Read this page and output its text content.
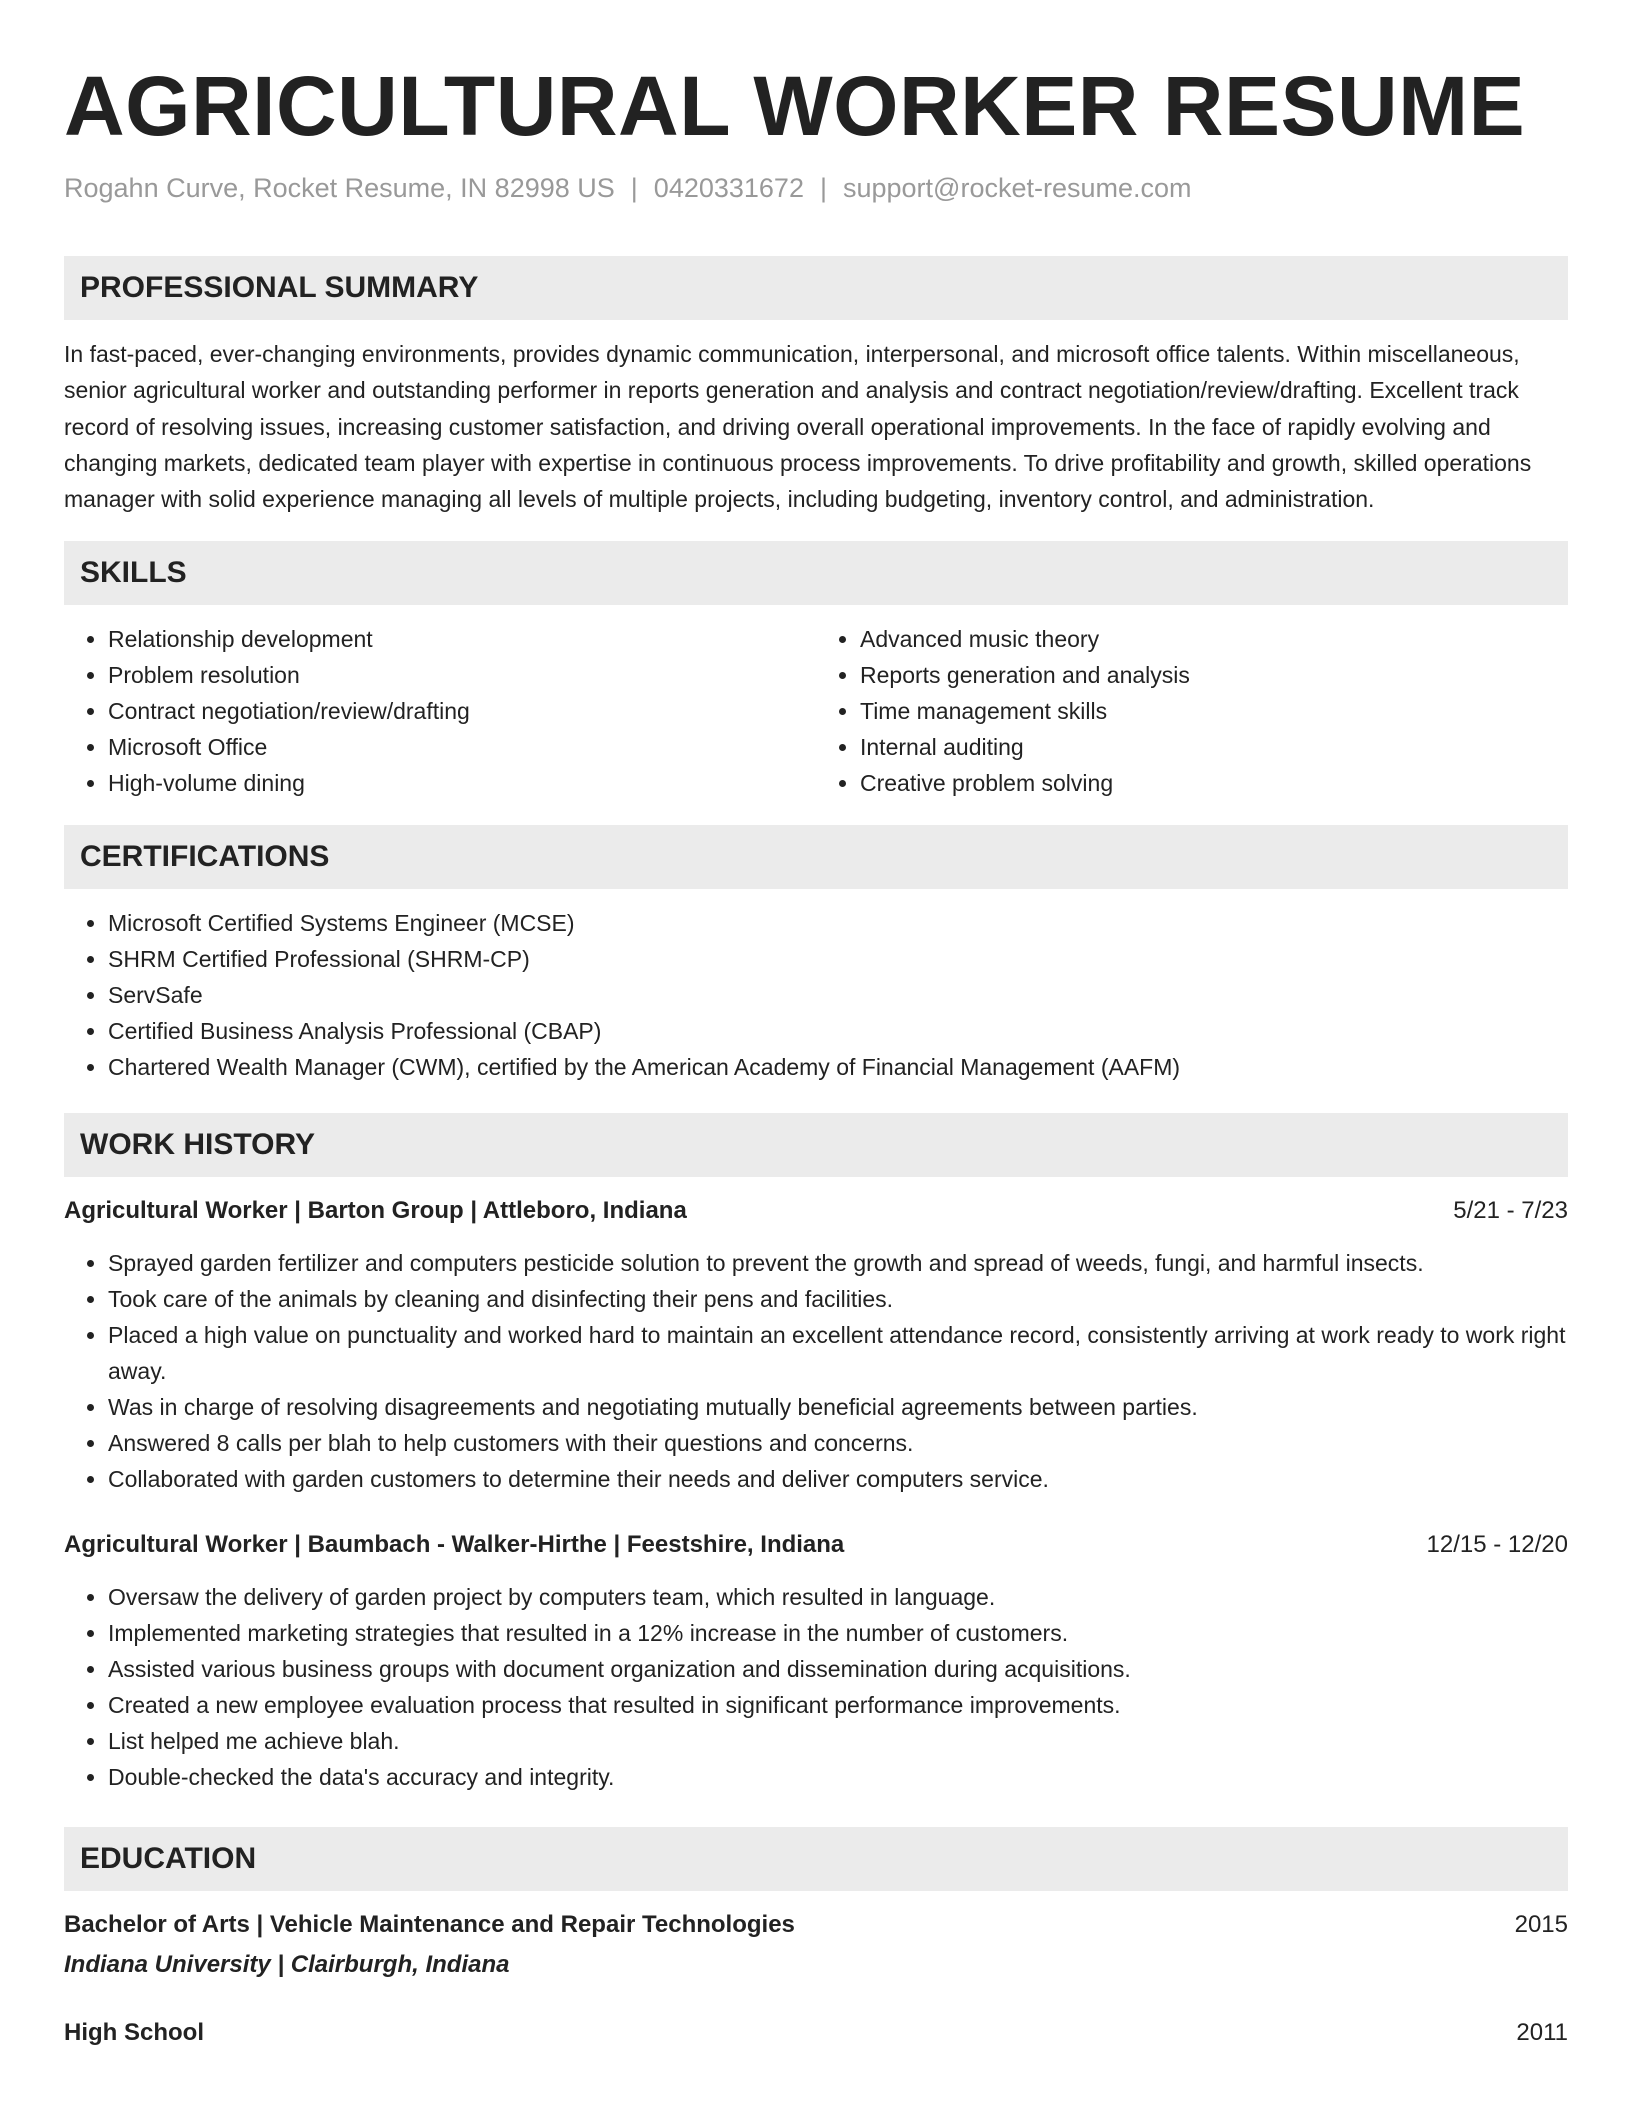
AGRICULTURAL WORKER RESUME
Rogahn Curve, Rocket Resume, IN 82998 US | 0420331672 | support@rocket-resume.com
PROFESSIONAL SUMMARY
In fast-paced, ever-changing environments, provides dynamic communication, interpersonal, and microsoft office talents. Within miscellaneous, senior agricultural worker and outstanding performer in reports generation and analysis and contract negotiation/review/drafting. Excellent track record of resolving issues, increasing customer satisfaction, and driving overall operational improvements. In the face of rapidly evolving and changing markets, dedicated team player with expertise in continuous process improvements. To drive profitability and growth, skilled operations manager with solid experience managing all levels of multiple projects, including budgeting, inventory control, and administration.
SKILLS
• Relationship development
• Problem resolution
• Contract negotiation/review/drafting
• Microsoft Office
• High-volume dining
• Advanced music theory
• Reports generation and analysis
• Time management skills
• Internal auditing
• Creative problem solving
CERTIFICATIONS
• Microsoft Certified Systems Engineer (MCSE)
• SHRM Certified Professional (SHRM-CP)
• ServSafe
• Certified Business Analysis Professional (CBAP)
• Chartered Wealth Manager (CWM), certified by the American Academy of Financial Management (AAFM)
WORK HISTORY
Agricultural Worker | Barton Group | Attleboro, Indiana	5/21 - 7/23
• Sprayed garden fertilizer and computers pesticide solution to prevent the growth and spread of weeds, fungi, and harmful insects.
• Took care of the animals by cleaning and disinfecting their pens and facilities.
• Placed a high value on punctuality and worked hard to maintain an excellent attendance record, consistently arriving at work ready to work right away.
• Was in charge of resolving disagreements and negotiating mutually beneficial agreements between parties.
• Answered 8 calls per blah to help customers with their questions and concerns.
• Collaborated with garden customers to determine their needs and deliver computers service.
Agricultural Worker | Baumbach - Walker-Hirthe | Feestshire, Indiana	12/15 - 12/20
• Oversaw the delivery of garden project by computers team, which resulted in language.
• Implemented marketing strategies that resulted in a 12% increase in the number of customers.
• Assisted various business groups with document organization and dissemination during acquisitions.
• Created a new employee evaluation process that resulted in significant performance improvements.
• List helped me achieve blah.
• Double-checked the data's accuracy and integrity.
EDUCATION
Bachelor of Arts | Vehicle Maintenance and Repair Technologies	2015
Indiana University | Clairburgh, Indiana
High School	2011
